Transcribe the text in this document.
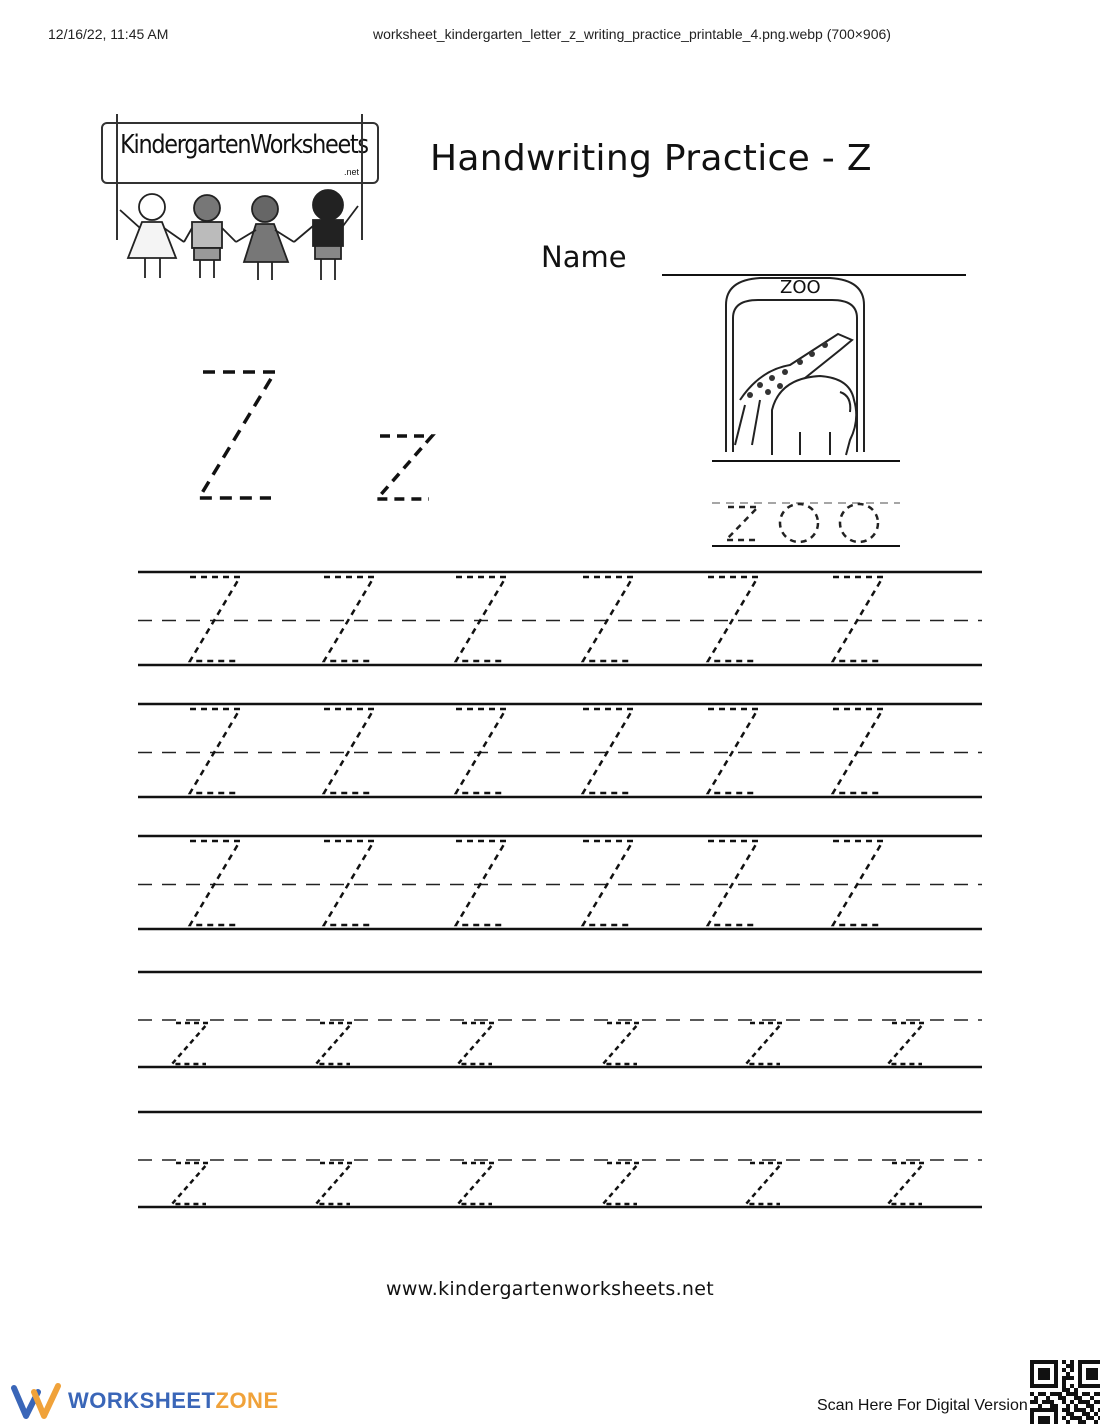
12/16/22, 11:45 AM	worksheet_kindergarten_letter_z_writing_practice_printable_4.png.webp (700×906)
KindergartenWorksheets
.net Handwriting Practice - Z
Name
ZOO
www.kindergartenworksheets.net
WORKSHEETZONE	Scan Here For Digital Version
